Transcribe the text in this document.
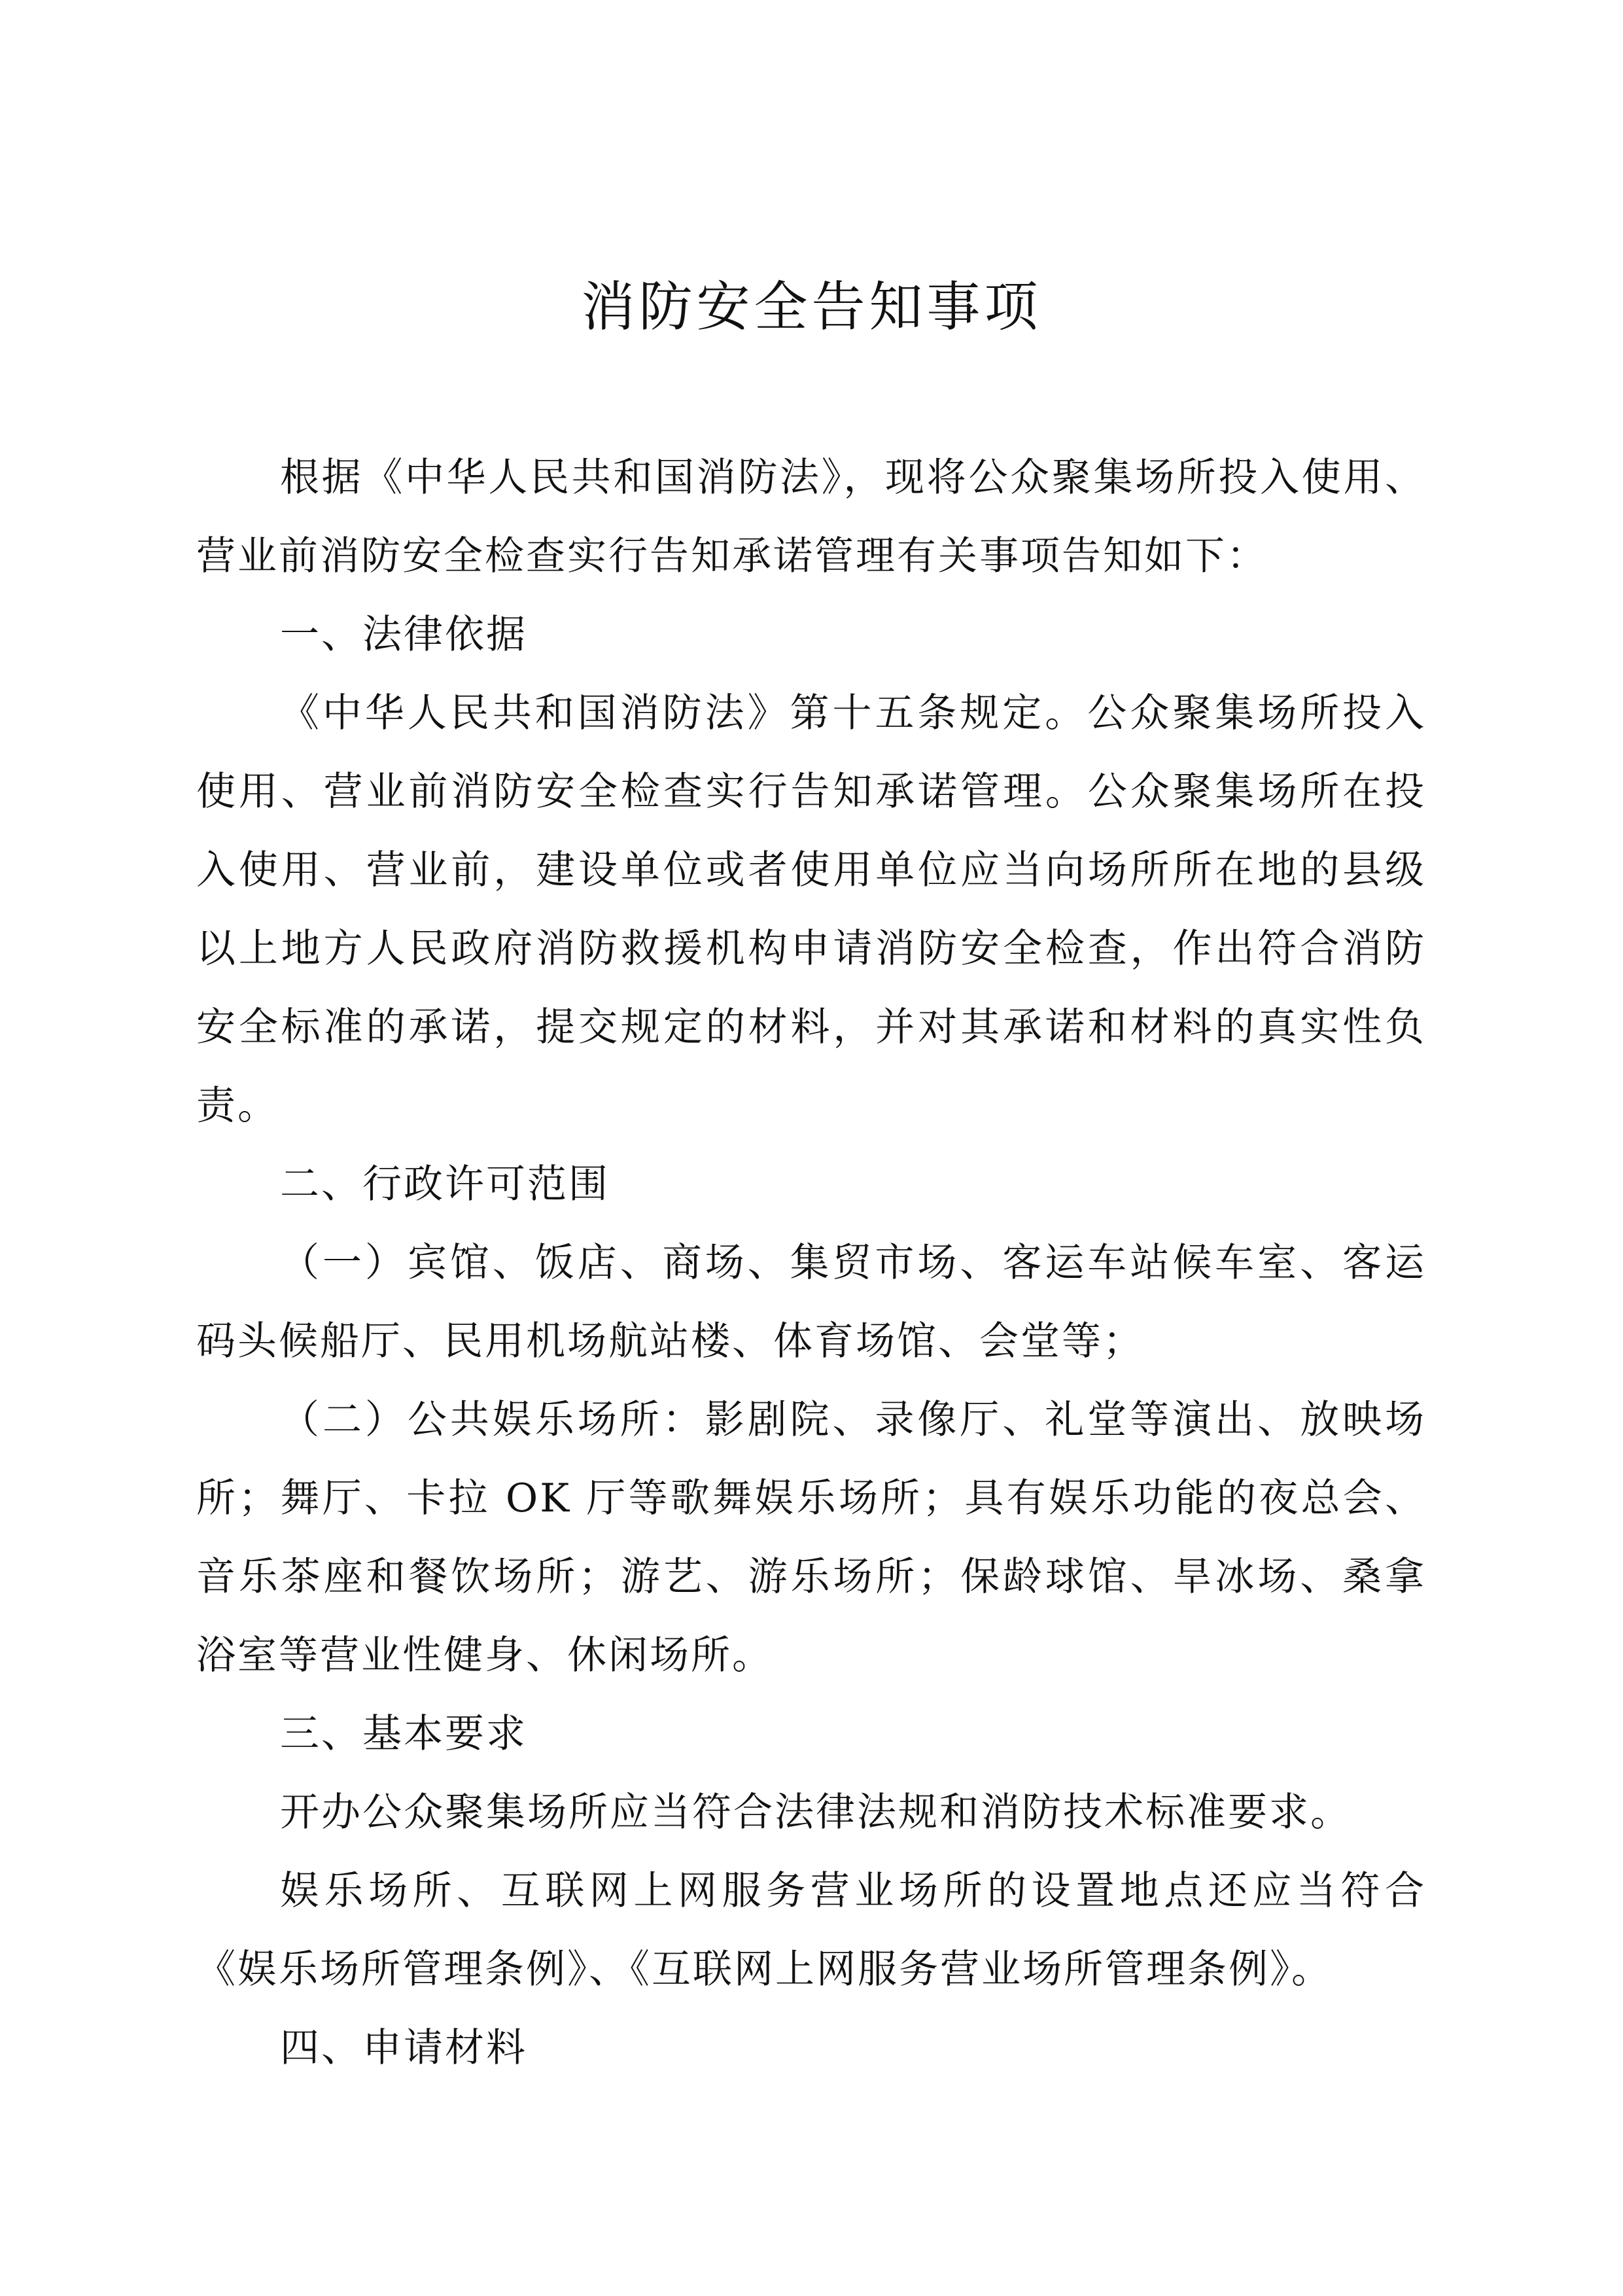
消防安全告知事项

根据《中华人民共和国消防法》，现将公众聚集场所投入使用、营业前消防安全检查实行告知承诺管理有关事项告知如下：

一、法律依据

《中华人民共和国消防法》第十五条规定。公众聚集场所投入使用、营业前消防安全检查实行告知承诺管理。公众聚集场所在投入使用、营业前，建设单位或者使用单位应当向场所所在地的县级以上地方人民政府消防救援机构申请消防安全检查，作出符合消防安全标准的承诺，提交规定的材料，并对其承诺和材料的真实性负责。

二、行政许可范围

（一）宾馆、饭店、商场、集贸市场、客运车站候车室、客运码头候船厅、民用机场航站楼、体育场馆、会堂等；

（二）公共娱乐场所：影剧院、录像厅、礼堂等演出、放映场所；舞厅、卡拉 OK 厅等歌舞娱乐场所；具有娱乐功能的夜总会、音乐茶座和餐饮场所；游艺、游乐场所；保龄球馆、旱冰场、桑拿浴室等营业性健身、休闲场所。

三、基本要求

开办公众聚集场所应当符合法律法规和消防技术标准要求。

娱乐场所、互联网上网服务营业场所的设置地点还应当符合《娱乐场所管理条例》、《互联网上网服务营业场所管理条例》。

四、申请材料
